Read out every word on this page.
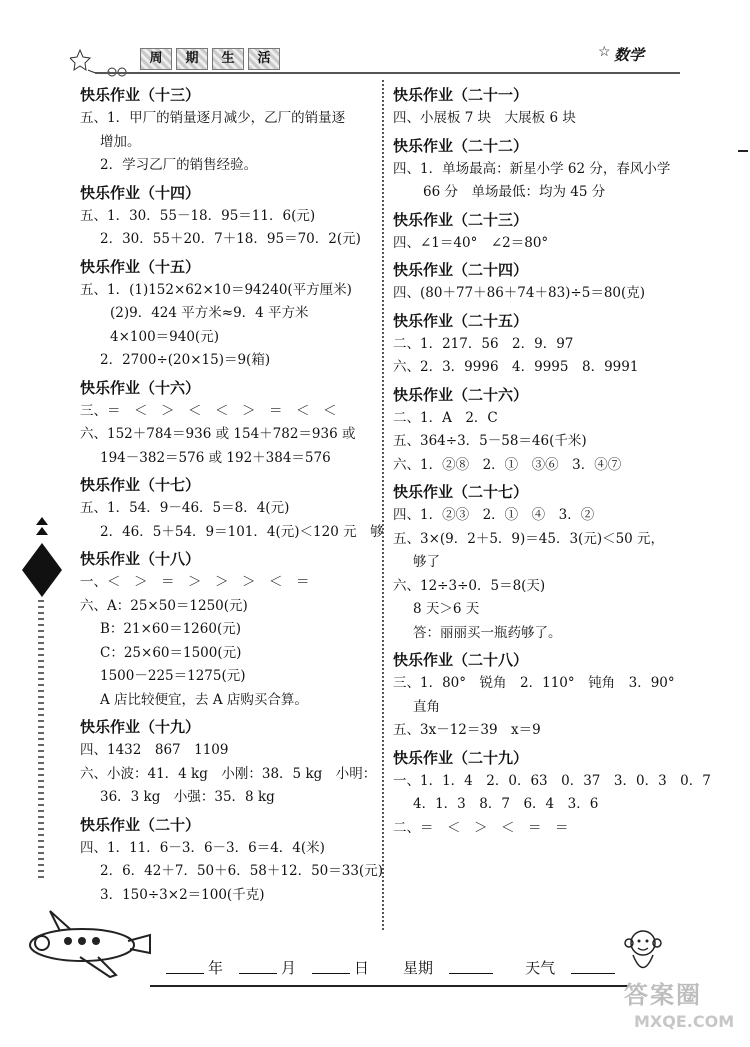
周	期	生	活	☆ 数学
快乐作业（十三）
五、1．甲厂的销量逐月减少，乙厂的销量逐
增加。
2．学习乙厂的销售经验。
快乐作业（十四）
五、1．30．55－18．95＝11．6(元)
2．30．55＋20．7＋18．95＝70．2(元)
快乐作业（十五）
五、1．(1)152×62×10＝94240(平方厘米)
(2)9．424 平方米≈9．4 平方米
4×100＝940(元)
2．2700÷(20×15)＝9(箱)
快乐作业（十六）
三、＝　＜　＞　＜　＜　＞　＝　＜　＜
六、152＋784＝936 或 154＋782＝936 或
194－382＝576 或 192＋384＝576
快乐作业（十七）
五、1．54．9－46．5＝8．4(元)
2．46．5＋54．9＝101．4(元)＜120 元　够
快乐作业（十八）
一、＜　＞　＝　＞　＞　＞　＜　＝
六、A：25×50＝1250(元)
B：21×60＝1260(元)
C：25×60＝1500(元)
1500－225＝1275(元)
A 店比较便宜，去 A 店购买合算。
快乐作业（十九）
四、1432　867　1109
六、小波：41．4 kg　小刚：38．5 kg　小明：
36．3 kg　小强：35．8 kg
快乐作业（二十）
四、1．11．6－3．6－3．6＝4．4(米)
2．6．42＋7．50＋6．58＋12．50＝33(元)
3．150÷3×2＝100(千克)
快乐作业（二十一）
四、小展板 7 块　大展板 6 块
快乐作业（二十二）
四、1．单场最高：新星小学 62 分，春风小学
66 分　单场最低：均为 45 分
快乐作业（二十三）
四、∠1＝40°　∠2＝80°
快乐作业（二十四）
四、(80＋77＋86＋74＋83)÷5＝80(克)
快乐作业（二十五）
二、1．217．56　2．9．97
六、2．3．9996　4．9995　8．9991
快乐作业（二十六）
二、1．A　2．C
五、364÷3．5－58＝46(千米)
六、1．②⑧　2．①　③⑥　3．④⑦
快乐作业（二十七）
四、1．②③　2．①　④　3．②
五、3×(9．2＋5．9)＝45．3(元)＜50 元，
够了
六、12÷3÷0．5＝8(天)
8 天＞6 天
答：丽丽买一瓶药够了。
快乐作业（二十八）
三、1．80°　锐角　2．110°　钝角　3．90°
直角
五、3x－12＝39　x＝9
快乐作业（二十九）
一、1．1．4　2．0．63　0．37　3．0．3　0．7
4．1．3　8．7　6．4　3．6
二、＝　＜　＞　＜　＝　＝
年	月	日 星期	天气
答案圈
MXQE.COM
